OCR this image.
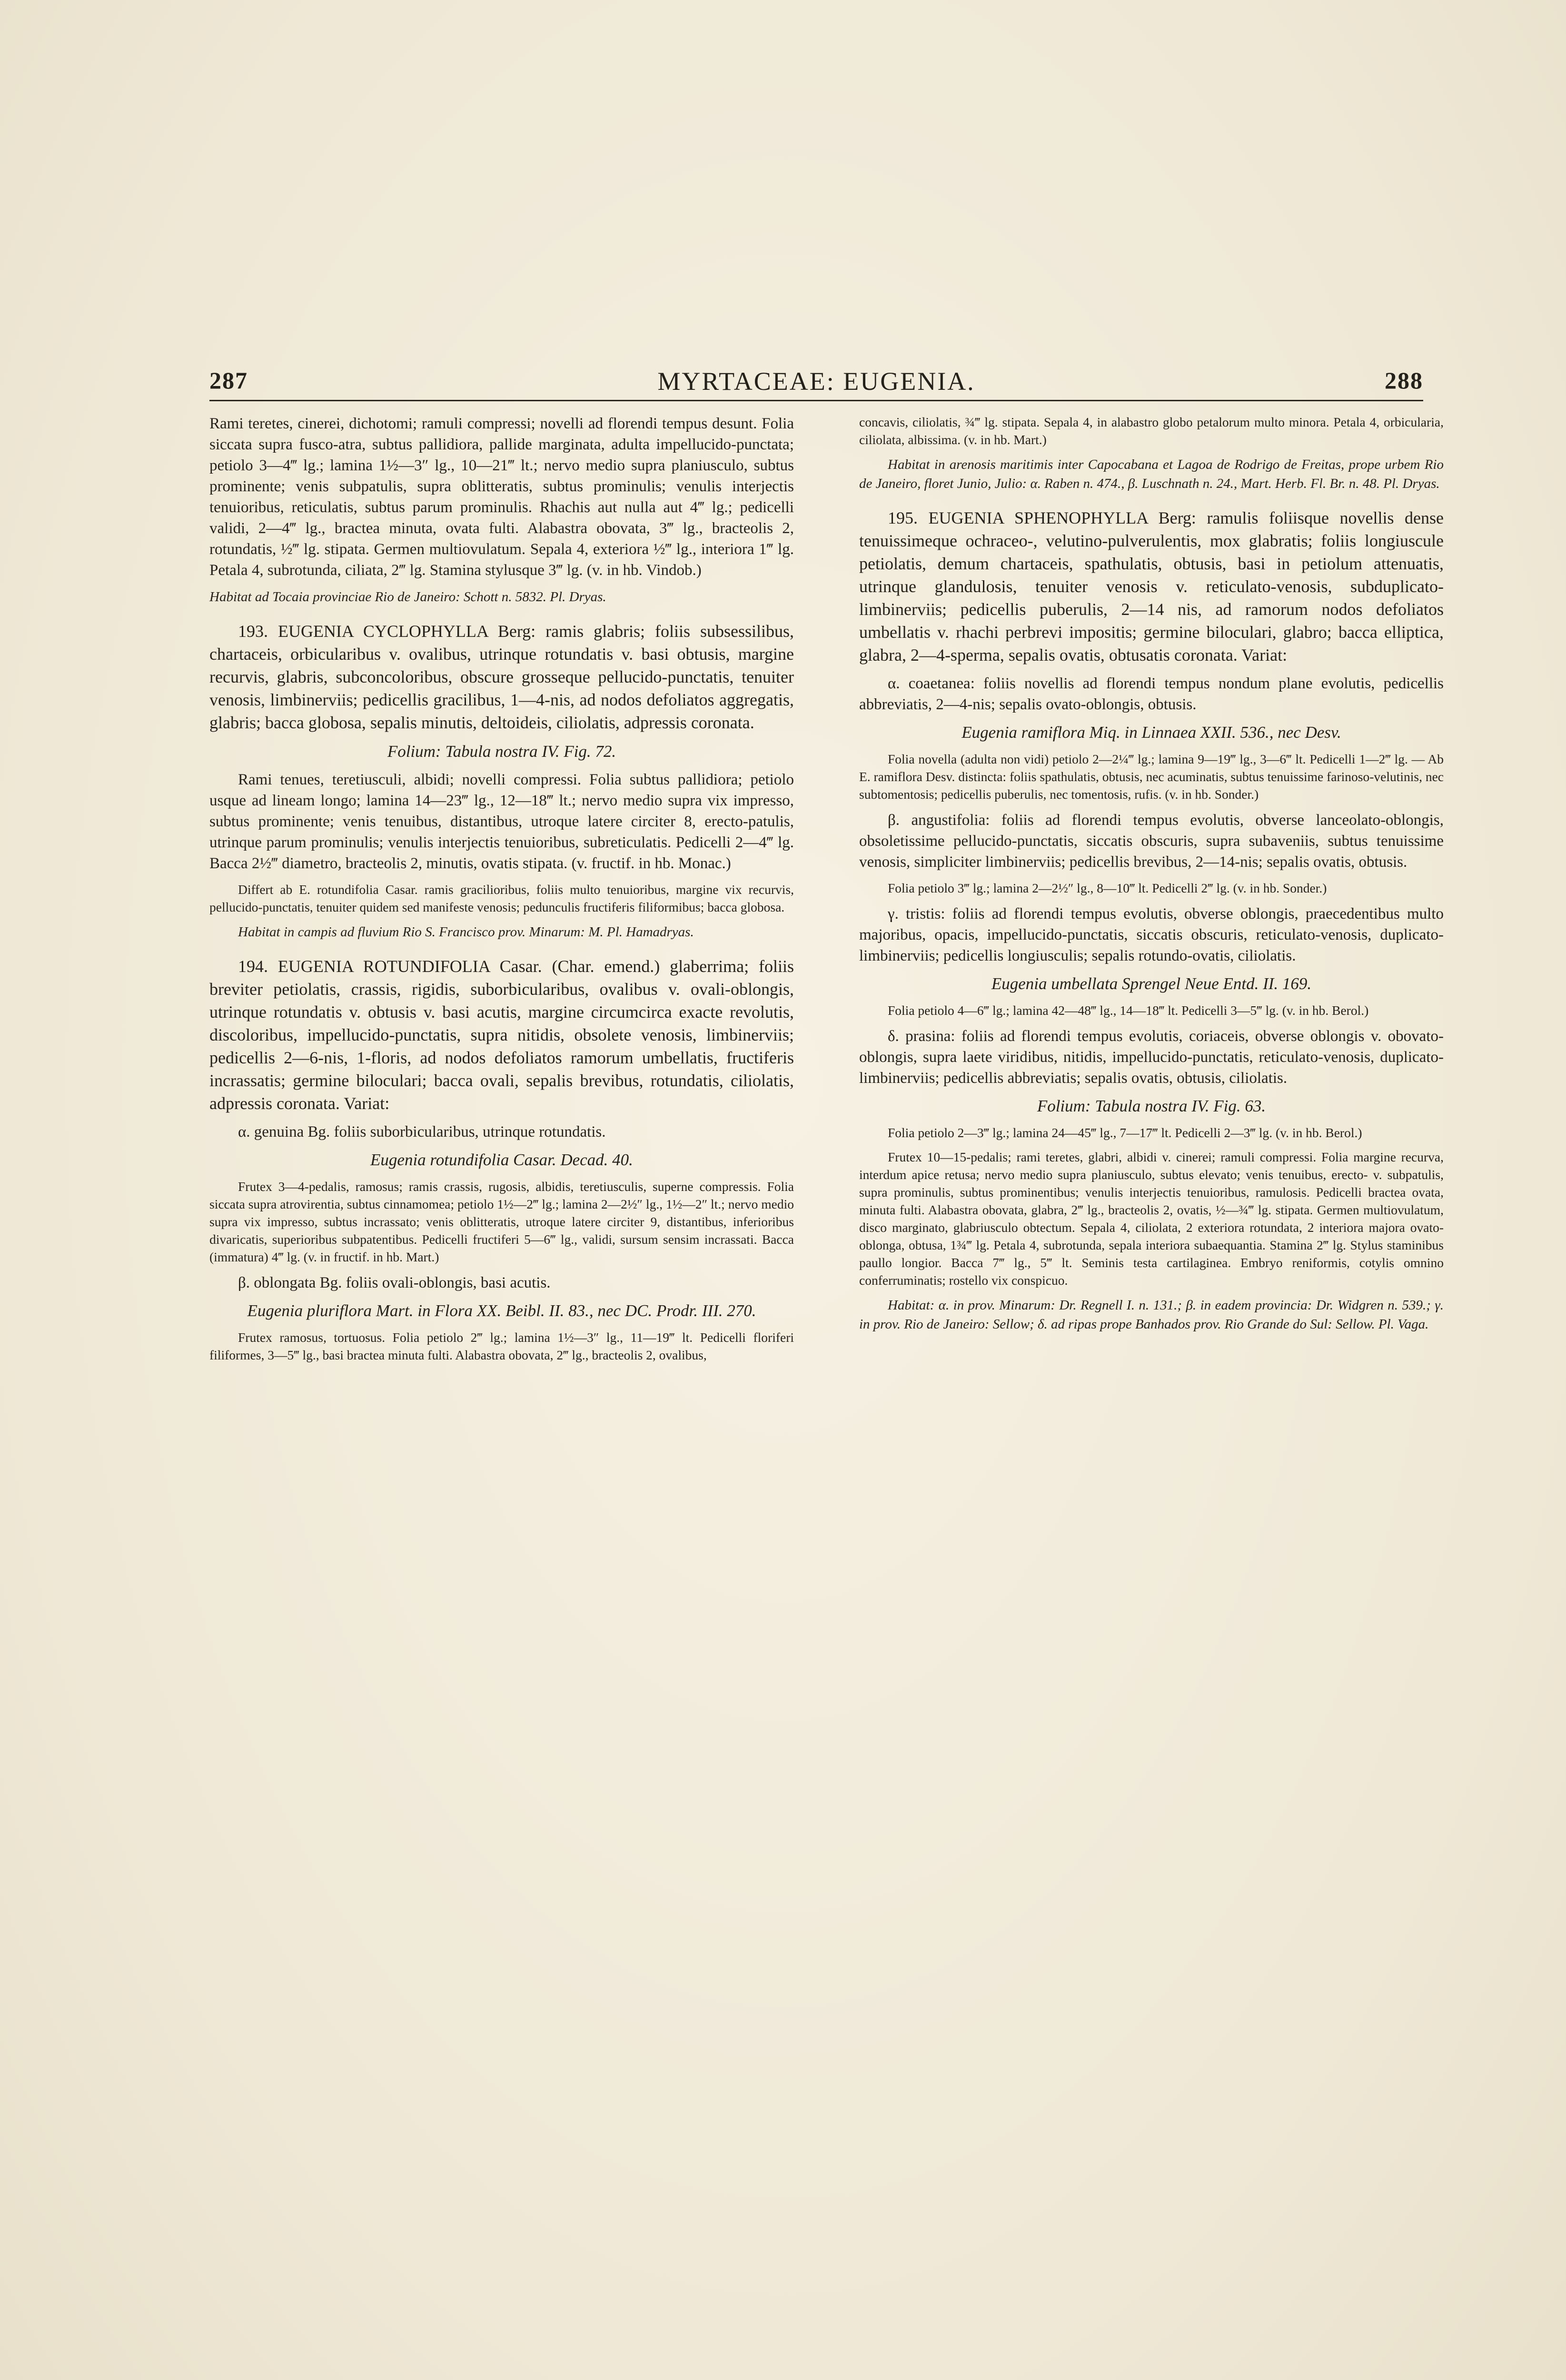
287	MYRTACEAE: EUGENIA.	288

Rami teretes, cinerei, dichotomi; ramuli compressi; novelli ad florendi tempus desunt. Folia siccata supra fusco-atra, subtus pallidiora, pallide marginata, adulta impellucido-punctata; petiolo 3—4‴ lg.; lamina 1½—3″ lg., 10—21‴ lt.; nervo medio supra planiusculo, subtus prominente; venis subpatulis, supra oblitteratis, subtus prominulis; venulis interjectis tenuioribus, reticulatis, subtus parum prominulis. Rhachis aut nulla aut 4‴ lg.; pedicelli validi, 2—4‴ lg., bractea minuta, ovata fulti. Alabastra obovata, 3‴ lg., bracteolis 2, rotundatis, ½‴ lg. stipata. Germen multiovulatum. Sepala 4, exteriora ½‴ lg., interiora 1‴ lg. Petala 4, subrotunda, ciliata, 2‴ lg. Stamina stylusque 3‴ lg. (v. in hb. Vindob.)

Habitat ad Tocaia provinciae Rio de Janeiro: Schott n. 5832. Pl. Dryas.

193. EUGENIA CYCLOPHYLLA Berg: ramis glabris; foliis subsessilibus, chartaceis, orbicularibus v. ovalibus, utrinque rotundatis v. basi obtusis, margine recurvis, glabris, subconcoloribus, obscure grosseque pellucido-punctatis, tenuiter venosis, limbinerviis; pedicellis gracilibus, 1—4-nis, ad nodos defoliatos aggregatis, glabris; bacca globosa, sepalis minutis, deltoideis, ciliolatis, adpressis coronata.

Folium: Tabula nostra IV. Fig. 72.

Rami tenues, teretiusculi, albidi; novelli compressi. Folia subtus pallidiora; petiolo usque ad lineam longo; lamina 14—23‴ lg., 12—18‴ lt.; nervo medio supra vix impresso, subtus prominente; venis tenuibus, distantibus, utroque latere circiter 8, erecto-patulis, utrinque parum prominulis; venulis interjectis tenuioribus, subreticulatis. Pedicelli 2—4‴ lg. Bacca 2½‴ diametro, bracteolis 2, minutis, ovatis stipata. (v. fructif. in hb. Monac.)

Differt ab E. rotundifolia Casar. ramis gracilioribus, foliis multo tenuioribus, margine vix recurvis, pellucido-punctatis, tenuiter quidem sed manifeste venosis; pedunculis fructiferis filiformibus; bacca globosa.

Habitat in campis ad fluvium Rio S. Francisco prov. Minarum: M. Pl. Hamadryas.

194. EUGENIA ROTUNDIFOLIA Casar. (Char. emend.) glaberrima; foliis breviter petiolatis, crassis, rigidis, suborbicularibus, ovalibus v. ovali-oblongis, utrinque rotundatis v. obtusis v. basi acutis, margine circumcirca exacte revolutis, discoloribus, impellucido-punctatis, supra nitidis, obsolete venosis, limbinerviis; pedicellis 2—6-nis, 1-floris, ad nodos defoliatos ramorum umbellatis, fructiferis incrassatis; germine biloculari; bacca ovali, sepalis brevibus, rotundatis, ciliolatis, adpressis coronata. Variat:

α. genuina Bg. foliis suborbicularibus, utrinque rotundatis.

Eugenia rotundifolia Casar. Decad. 40.

Frutex 3—4-pedalis, ramosus; ramis crassis, rugosis, albidis, teretiusculis, superne compressis. Folia siccata supra atrovirentia, subtus cinnamomea; petiolo 1½—2‴ lg.; lamina 2—2½″ lg., 1½—2″ lt.; nervo medio supra vix impresso, subtus incrassato; venis oblitteratis, utroque latere circiter 9, distantibus, inferioribus divaricatis, superioribus subpatentibus. Pedicelli fructiferi 5—6‴ lg., validi, sursum sensim incrassati. Bacca (immatura) 4‴ lg. (v. in fructif. in hb. Mart.)

β. oblongata Bg. foliis ovali-oblongis, basi acutis.

Eugenia pluriflora Mart. in Flora XX. Beibl. II. 83., nec DC. Prodr. III. 270.

Frutex ramosus, tortuosus. Folia petiolo 2‴ lg.; lamina 1½—3″ lg., 11—19‴ lt. Pedicelli floriferi filiformes, 3—5‴ lg., basi bractea minuta fulti. Alabastra obovata, 2‴ lg., bracteolis 2, ovalibus,

concavis, ciliolatis, ¾‴ lg. stipata. Sepala 4, in alabastro globo petalorum multo minora. Petala 4, orbicularia, ciliolata, albissima. (v. in hb. Mart.)

Habitat in arenosis maritimis inter Capocabana et Lagoa de Rodrigo de Freitas, prope urbem Rio de Janeiro, floret Junio, Julio: α. Raben n. 474., β. Luschnath n. 24., Mart. Herb. Fl. Br. n. 48. Pl. Dryas.

195. EUGENIA SPHENOPHYLLA Berg: ramulis foliisque novellis dense tenuissimeque ochraceo-, velutino-pulverulentis, mox glabratis; foliis longiuscule petiolatis, demum chartaceis, spathulatis, obtusis, basi in petiolum attenuatis, utrinque glandulosis, tenuiter venosis v. reticulato-venosis, subduplicato-limbinerviis; pedicellis puberulis, 2—14 nis, ad ramorum nodos defoliatos umbellatis v. rhachi perbrevi impositis; germine biloculari, glabro; bacca elliptica, glabra, 2—4-sperma, sepalis ovatis, obtusatis coronata. Variat:

α. coaetanea: foliis novellis ad florendi tempus nondum plane evolutis, pedicellis abbreviatis, 2—4-nis; sepalis ovato-oblongis, obtusis.

Eugenia ramiflora Miq. in Linnaea XXII. 536., nec Desv.

Folia novella (adulta non vidi) petiolo 2—2¼‴ lg.; lamina 9—19‴ lg., 3—6‴ lt. Pedicelli 1—2‴ lg. — Ab E. ramiflora Desv. distincta: foliis spathulatis, obtusis, nec acuminatis, subtus tenuissime farinoso-velutinis, nec subtomentosis; pedicellis puberulis, nec tomentosis, rufis. (v. in hb. Sonder.)

β. angustifolia: foliis ad florendi tempus evolutis, obverse lanceolato-oblongis, obsoletissime pellucido-punctatis, siccatis obscuris, supra subaveniis, subtus tenuissime venosis, simpliciter limbinerviis; pedicellis brevibus, 2—14-nis; sepalis ovatis, obtusis.

Folia petiolo 3‴ lg.; lamina 2—2½″ lg., 8—10‴ lt. Pedicelli 2‴ lg. (v. in hb. Sonder.)

γ. tristis: foliis ad florendi tempus evolutis, obverse oblongis, praecedentibus multo majoribus, opacis, impellucido-punctatis, siccatis obscuris, reticulato-venosis, duplicato-limbinerviis; pedicellis longiusculis; sepalis rotundo-ovatis, ciliolatis.

Eugenia umbellata Sprengel Neue Entd. II. 169.

Folia petiolo 4—6‴ lg.; lamina 42—48‴ lg., 14—18‴ lt. Pedicelli 3—5‴ lg. (v. in hb. Berol.)

δ. prasina: foliis ad florendi tempus evolutis, coriaceis, obverse oblongis v. obovato-oblongis, supra laete viridibus, nitidis, impellucido-punctatis, reticulato-venosis, duplicato-limbinerviis; pedicellis abbreviatis; sepalis ovatis, obtusis, ciliolatis.

Folium: Tabula nostra IV. Fig. 63.

Folia petiolo 2—3‴ lg.; lamina 24—45‴ lg., 7—17‴ lt. Pedicelli 2—3‴ lg. (v. in hb. Berol.)

Frutex 10—15-pedalis; rami teretes, glabri, albidi v. cinerei; ramuli compressi. Folia margine recurva, interdum apice retusa; nervo medio supra planiusculo, subtus elevato; venis tenuibus, erecto- v. subpatulis, supra prominulis, subtus prominentibus; venulis interjectis tenuioribus, ramulosis. Pedicelli bractea ovata, minuta fulti. Alabastra obovata, glabra, 2‴ lg., bracteolis 2, ovatis, ½—¾‴ lg. stipata. Germen multiovulatum, disco marginato, glabriusculo obtectum. Sepala 4, ciliolata, 2 exteriora rotundata, 2 interiora majora ovato-oblonga, obtusa, 1¾‴ lg. Petala 4, subrotunda, sepala interiora subaequantia. Stamina 2‴ lg. Stylus staminibus paullo longior. Bacca 7‴ lg., 5‴ lt. Seminis testa cartilaginea. Embryo reniformis, cotylis omnino conferruminatis; rostello vix conspicuo.

Habitat: α. in prov. Minarum: Dr. Regnell I. n. 131.; β. in eadem provincia: Dr. Widgren n. 539.; γ. in prov. Rio de Janeiro: Sellow; δ. ad ripas prope Banhados prov. Rio Grande do Sul: Sellow. Pl. Vaga.
